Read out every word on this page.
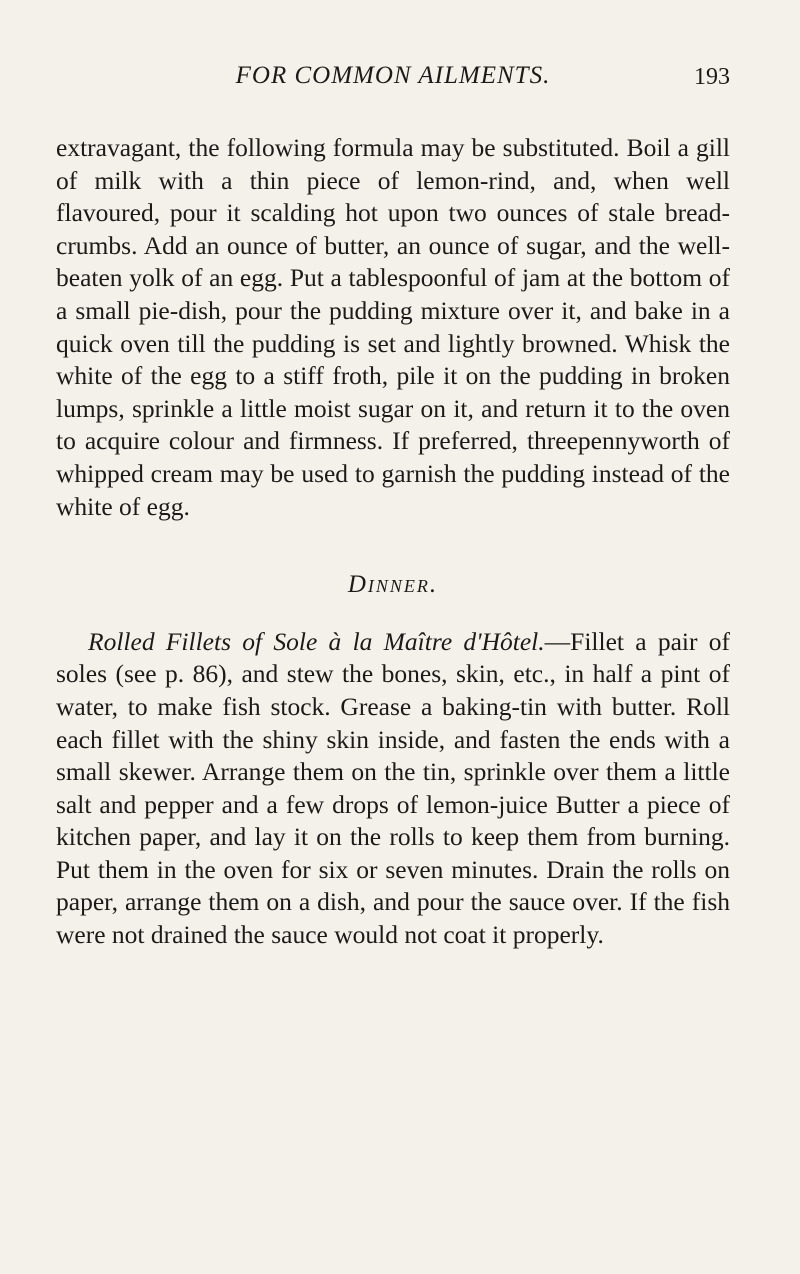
FOR COMMON AILMENTS.	193

extravagant, the following formula may be substituted. Boil a gill of milk with a thin piece of lemon-rind, and, when well flavoured, pour it scalding hot upon two ounces of stale bread-crumbs. Add an ounce of butter, an ounce of sugar, and the well-beaten yolk of an egg. Put a tablespoonful of jam at the bottom of a small pie-dish, pour the pudding mixture over it, and bake in a quick oven till the pudding is set and lightly browned. Whisk the white of the egg to a stiff froth, pile it on the pudding in broken lumps, sprinkle a little moist sugar on it, and return it to the oven to acquire colour and firmness. If preferred, threepennyworth of whipped cream may be used to garnish the pudding instead of the white of egg.

Dinner.

Rolled Fillets of Sole à la Maître d'Hôtel.—Fillet a pair of soles (see p. 86), and stew the bones, skin, etc., in half a pint of water, to make fish stock. Grease a baking-tin with butter. Roll each fillet with the shiny skin inside, and fasten the ends with a small skewer. Arrange them on the tin, sprinkle over them a little salt and pepper and a few drops of lemon-juice Butter a piece of kitchen paper, and lay it on the rolls to keep them from burning. Put them in the oven for six or seven minutes. Drain the rolls on paper, arrange them on a dish, and pour the sauce over. If the fish were not drained the sauce would not coat it properly.
